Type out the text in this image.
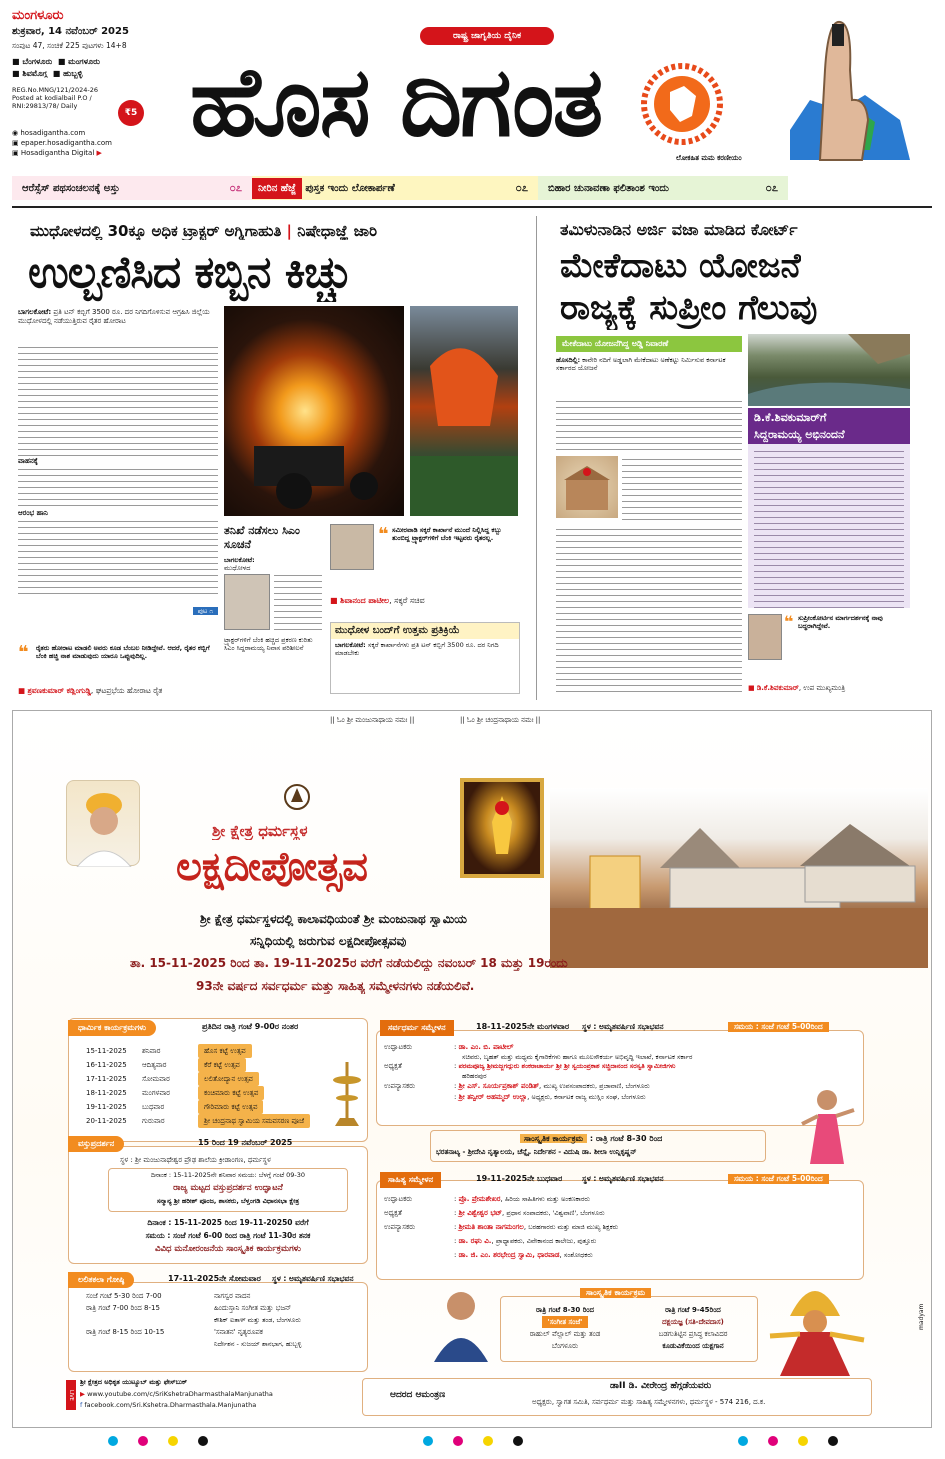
ಮಂಗಳೂರು
ಶುಕ್ರವಾರ, 14 ನವೆಂಬರ್ 2025
ಸಂಪುಟ 47, ಸಂಚಿಕೆ 225 ಪುಟಗಳು 14+8
■ ಬೆಂಗಳೂರು ■ ಮಂಗಳೂರು
■ ಶಿವಮೊಗ್ಗ ■ ಹುಬ್ಬಳ್ಳಿ
₹5
REG.No.MNG/121/2024-26 Posted at kodialbail P.O / RNI:29813/78/ Daily
◉ hosadigantha.com
▣ epaper.hosadigantha.com
▣ Hosadigantha Digital ▶
ರಾಷ್ಟ್ರ ಜಾಗೃತಿಯ ದೈನಿಕ
ಹೊಸ ದಿಗಂತ	ಲೋಕಹಿತ ಮಮ ಕರಣೀಯಂ
ಆರೆಸ್ಸೆಸ್ ಪಥಸಂಚಲನಕ್ಕೆ ಅಸ್ತು	೦೭	ನೀರಿನ ಹೆಜ್ಜೆ ಪುಸ್ತಕ ಇಂದು ಲೋಕಾರ್ಪಣೆ	೦೭ ಬಿಹಾರ ಚುನಾವಣಾ ಫಲಿತಾಂಶ ಇಂದು	೦೭
ಮುಧೋಳದಲ್ಲಿ 30ಕ್ಕೂ ಅಧಿಕ ಟ್ರ್ಯಾಕ್ಟರ್ ಅಗ್ನಿಗಾಹುತಿ | ನಿಷೇಧಾಜ್ಞೆ ಜಾರಿ
ಉಲ್ಬಣಿಸಿದ ಕಬ್ಬಿನ ಕಿಚ್ಚು
ಬಾಗಲಕೋಟೆ: ಪ್ರತಿ ಟನ್ ಕಬ್ಬಿಗೆ 3500 ರೂ. ದರ ನಿಗದಿಗೊಳಿಸುವ ಆಗ್ರಹಿಸಿ ಜಿಲ್ಲೆಯ ಮುಧೋಳದಲ್ಲಿ ನಡೆಯುತ್ತಿರುವ ರೈತರ ಹೋರಾಟ
ವಾಹನಕ್ಕೆ
ಆರಂಭ ಹಾನಿ
ಪುಟ ೧
ತನಿಖೆ ನಡೆಸಲು ಸಿಎಂ ಸೂಚನೆ
ಬಾಗಲಕೋಟೆ:
ಮುಧೋಳದ
ಟ್ರ್ಯಾಕ್ಟರ್‌ಗಳಿಗೆ ಬೆಂಕಿ ಹಚ್ಚಿದ ಪ್ರಕರಣ ಕುರಿತು ಸಿಎಂ ಸಿದ್ದರಾಮಯ್ಯ ನಿವಾಸ ಪರಿಶೀಲನೆ
❝ ಸಮೀರವಾಡಿ ಸಕ್ಕರೆ ಕಾರ್ಖಾನೆ ಮುಂದೆ ನಿಲ್ಲಿಸಿದ್ದ ಕಬ್ಬು ತುಂಬಿದ್ದ ಟ್ರ್ಯಾಕ್ಟರ್‌ಗಳಿಗೆ ಬೆಂಕಿ ಇಟ್ಟವರು ರೈತರಲ್ಲ.
■ ಶಿವಾನಂದ ಪಾಟೀಲ, ಸಕ್ಕರೆ ಸಚಿವ
ಮುಧೋಳ ಬಂದ್‌ಗೆ ಉತ್ತಮ ಪ್ರತಿಕ್ರಿಯೆ
ಬಾಗಲಕೋಟೆ: ಸಕ್ಕರೆ ಕಾರ್ಖಾನೆಗಳು ಪ್ರತಿ ಟನ್ ಕಬ್ಬಿಗೆ 3500 ರೂ. ದರ ನಿಗದಿ ಮಾಡಬೇಕು
❝ ರೈತರು ಹೋರಾಟ ಮಾಡಲಿ ಅವರು ಕೂಡ ಬೆಂಬಲ ನೀಡಿದ್ದೇವೆ. ಆದರೆ, ರೈತರ ಕಬ್ಬಿಗೆ ಬೆಂಕಿ ಹಚ್ಚಿ ನಾಶ ಮಾಡುವುದು ಯಾರೂ ಒಪ್ಪುವುದಿಲ್ಲ.
■ ಶ್ರವಣಕುಮಾರ್ ಕಡ್ಲಿಂಗುಡ್ಡಿ, ಘಟಪ್ರಭೆಯ ಹೋರಾಟ ರೈತ
ತಮಿಳುನಾಡಿನ ಅರ್ಜಿ ವಜಾ ಮಾಡಿದ ಕೋರ್ಟ್
ಮೇಕೆದಾಟು ಯೋಜನೆ
ರಾಜ್ಯಕ್ಕೆ ಸುಪ್ರೀಂ ಗೆಲುವು
ಮೇಕೆದಾಟು ಯೋಜನೆಗಿದ್ದ ಅಡ್ಡಿ ನಿವಾರಣೆ
ಹೊಸದಿಲ್ಲಿ: ಕಾವೇರಿ ನದಿಗೆ ಅಡ್ಡಲಾಗಿ ಮೇಕೆದಾಟು ಅಣೆಕಟ್ಟು ನಿರ್ಮಿಸುವ ಕರ್ನಾಟಕ ಸರ್ಕಾರದ ಯೋಜನೆ
ಡಿ.ಕೆ.ಶಿವಕುಮಾರ್‌ಗೆ
ಸಿದ್ದರಾಮಯ್ಯ ಅಭಿನಂದನೆ
❝ ಸುಪ್ರೀಂಕೋರ್ಟಿನ ಮಾರ್ಗದರ್ಶನಕ್ಕೆ ನಾವು ಬದ್ಧರಾಗಿದ್ದೇವೆ.
■ ಡಿ.ಕೆ.ಶಿವಕುಮಾರ್, ಉಪ ಮುಖ್ಯಮಂತ್ರಿ
|| ಓಂ ಶ್ರೀ ಮಂಜುನಾಥಾಯ ನಮಃ ||	|| ಓಂ ಶ್ರೀ ಚಂದ್ರನಾಥಾಯ ನಮಃ ||
ಶ್ರೀ ಕ್ಷೇತ್ರ ಧರ್ಮಸ್ಥಳ
ಲಕ್ಷದೀಪೋತ್ಸವ
ಶ್ರೀ ಕ್ಷೇತ್ರ ಧರ್ಮಸ್ಥಳದಲ್ಲಿ ಕಾಲಾವಧಿಯಂತೆ ಶ್ರೀ ಮಂಜುನಾಥ ಸ್ವಾಮಿಯ
ಸನ್ನಿಧಿಯಲ್ಲಿ ಜರುಗುವ ಲಕ್ಷದೀಪೋತ್ಸವವು
ತಾ. 15-11-2025 ರಿಂದ ತಾ. 19-11-2025ರ ವರೆಗೆ ನಡೆಯಲಿದ್ದು ನವಂಬರ್ 18 ಮತ್ತು 19ರಂದು
93ನೇ ವರ್ಷದ ಸರ್ವಧರ್ಮ ಮತ್ತು ಸಾಹಿತ್ಯ ಸಮ್ಮೇಳನಗಳು ನಡೆಯಲಿವೆ.
ಧಾರ್ಮಿಕ ಕಾರ್ಯಕ್ರಮಗಳು	ಪ್ರತಿದಿನ ರಾತ್ರಿ ಗಂಟೆ 9-00ರ ನಂತರ
15-11-2025 ಶನಿವಾರ	ಹೊಸ ಕಟ್ಟೆ ಉತ್ಸವ
16-11-2025 ಆದಿತ್ಯವಾರ	ಕೆರೆ ಕಟ್ಟೆ ಉತ್ಸವ
17-11-2025 ಸೋಮವಾರ	ಲಲಿತೋದ್ಯಾನ ಉತ್ಸವ
18-11-2025 ಮಂಗಳವಾರ	ಕಂಚಿಮಾರು ಕಟ್ಟೆ ಉತ್ಸವ
19-11-2025 ಬುಧವಾರ	ಗೌರಿಮಾರು ಕಟ್ಟೆ ಉತ್ಸವ
20-11-2025 ಗುರುವಾರ	ಶ್ರೀ ಚಂದ್ರನಾಥ ಸ್ವಾಮಿಯ ಸಮವಸರಣ ಪೂಜೆ
ವಸ್ತುಪ್ರದರ್ಶನ	15 ರಿಂದ 19 ನವೆಂಬರ್ 2025
ಸ್ಥಳ : ಶ್ರೀ ಮಂಜುನಾಥೇಶ್ವರ ಪ್ರೌಢ ಶಾಲೆಯ ಕ್ರೀಡಾಂಗಣ, ಧರ್ಮಸ್ಥಳ
ದಿನಾಂಕ : 15-11-2025ನೇ ಶನಿವಾರ ಸಮಯ: ಬೆಳಗ್ಗೆ ಗಂಟೆ 09-30
ರಾಜ್ಯ ಮಟ್ಟದ ವಸ್ತುಪ್ರದರ್ಶನ ಉದ್ಘಾಟನೆ
ಸನ್ಮಾನ್ಯ ಶ್ರೀ ಹರೀಶ್ ಪೂಂಜ, ಶಾಸಕರು, ಬೆಳ್ತಂಗಡಿ ವಿಧಾನಸಭಾ ಕ್ಷೇತ್ರ
ದಿನಾಂಕ : 15-11-2025 ರಿಂದ 19-11-20250 ವರೆಗೆ
ಸಮಯ : ಸಂಜೆ ಗಂಟೆ 6-00 ರಿಂದ ರಾತ್ರಿ ಗಂಟೆ 11-30ರ ತನಕ
ವಿವಿಧ ಮನೋರಂಜನೆಯ ಸಾಂಸ್ಕೃತಿಕ ಕಾರ್ಯಕ್ರಮಗಳು
ಲಲಿತಕಲಾ ಗೋಷ್ಠಿ	17-11-2025ನೇ ಸೋಮವಾರ ಸ್ಥಳ : ಅಮೃತವರ್ಷಿಣಿ ಸಭಾಭವನ
ಸಂಜೆ ಗಂಟೆ 5-30 ರಿಂದ 7-00	ನಾಗಸ್ವರ ವಾದನ
ರಾತ್ರಿ ಗಂಟೆ 7-00 ರಿಂದ 8-15	ಹಿಂದುಸ್ತಾನಿ ಸಂಗೀತ ಮತ್ತು ಭಜನ್
ಕೌಶಿಕ್ ಐತಾಳ್ ಮತ್ತು ತಂಡ, ಬೆಂಗಳೂರು
ರಾತ್ರಿ ಗಂಟೆ 8-15 ರಿಂದ 10-15	'ಸನಾತನ' ನೃತ್ಯರೂಪಕ
ನಿರ್ದೇಶನ - ಸುಜಯ್ ಶಾನಭಾಗ, ಹುಬ್ಬಳ್ಳಿ
ಸರ್ವಧರ್ಮ ಸಮ್ಮೇಳನ	18-11-2025ನೇ ಮಂಗಳವಾರ ಸ್ಥಳ : ಅಮೃತವರ್ಷಿಣಿ ಸಭಾಭವನ	ಸಮಯ : ಸಂಜೆ ಗಂಟೆ 5-00ರಿಂದ
ಉದ್ಘಾಟಕರು	: ಡಾ. ಎಂ. ಬಿ. ಪಾಟೀಲ್
ಸಚಿವರು, ಬೃಹತ್ ಮತ್ತು ಮಧ್ಯಮ ಕೈಗಾರಿಕೆಗಳು ಹಾಗೂ ಮೂಲಸೌಕರ್ಯ ಅಭಿವೃದ್ಧಿ ಇಲಾಖೆ, ಕರ್ನಾಟಕ ಸರ್ಕಾರ
ಅಧ್ಯಕ್ಷತೆ	: ಪರಮಪೂಜ್ಯ ಶ್ರೀಮಜ್ಜಗದ್ಗುರು ಶಂಕರಾಚಾರ್ಯ ಶ್ರೀ ಶ್ರೀ ಸ್ವಯಂಪ್ರಕಾಶ ಸಚ್ಚಿದಾನಂದ ಸರಸ್ವತಿ ಸ್ವಾಮೀಜಿಗಳು
ಹರಿಹರಪುರ
ಉಪನ್ಯಾಸಕರು	: ಶ್ರೀ ಎಸ್. ಸೂರ್ಯಪ್ರಕಾಶ್ ಪಂಡಿತ್, ಮುಖ್ಯ ಉಪಸಂಪಾದಕರು, ಪ್ರಜಾವಾಣಿ, ಬೆಂಗಳೂರು
: ಶ್ರೀ ತನ್ವೀರ್ ಅಹಮ್ಮದ್ ಉಲ್ಲಾ, ಅಧ್ಯಕ್ಷರು, ಕರ್ನಾಟಕ ರಾಜ್ಯ ಮುಸ್ಲಿಂ ಸಂಘ, ಬೆಂಗಳೂರು
ಸಾಂಸ್ಕೃತಿಕ ಕಾರ್ಯಕ್ರಮ : ರಾತ್ರಿ ಗಂಟೆ 8-30 ರಿಂದ
ಭರತನಾಟ್ಯ - ಶ್ರೀದೇವಿ ನೃತ್ಯಾಲಯ, ಚೆನ್ನೈ. ನಿರ್ದೇಶನ - ವಿದುಷಿ ಡಾ. ಶೀಲಾ ಉನ್ನಿಕೃಷ್ಣನ್
ಸಾಹಿತ್ಯ ಸಮ್ಮೇಳನ	19-11-2025ನೇ ಬುಧವಾರ	ಸ್ಥಳ : ಅಮೃತವರ್ಷಿಣಿ ಸಭಾಭವನ	ಸಮಯ : ಸಂಜೆ ಗಂಟೆ 5-00ರಿಂದ
ಉದ್ಘಾಟಕರು	: ಪ್ರೊ. ಪ್ರೇಮಶೇಖರ, ಹಿರಿಯ ಸಾಹಿತಿಗಳು ಮತ್ತು ಅಂಕಣಕಾರರು
ಅಧ್ಯಕ್ಷತೆ	: ಶ್ರೀ ವಿಶ್ವೇಶ್ವರ ಭಟ್, ಪ್ರಧಾನ ಸಂಪಾದಕರು, 'ವಿಶ್ವವಾಣಿ', ಬೆಂಗಳೂರು
ಉಪನ್ಯಾಸಕರು	: ಶ್ರೀಮತಿ ಶಾಂತಾ ನಾಗಮಂಗಲ, ಬರಹಗಾರರು ಮತ್ತು ಮಾಜಿ ಮುಖ್ಯ ಶಿಕ್ಷಕರು
: ಡಾ. ರಘು ವಿ., ಪ್ರಾಧ್ಯಾಪಕರು, ವಿವೇಕಾನಂದ ಕಾಲೇಜು, ಪುತ್ತೂರು
: ಡಾ. ಜಿ. ಎಂ. ಶರಭೇಂದ್ರ ಸ್ವಾಮಿ, ಧಾರವಾಡ, ಸಂಶೋಧಕರು
ಸಾಂಸ್ಕೃತಿಕ ಕಾರ್ಯಕ್ರಮ
ರಾತ್ರಿ ಗಂಟೆ 8-30 ರಿಂದ
'ಸಂಗೀತ ಸಂಜೆ'
ರಾಹುಲ್ ವೆಲ್ಲಾಲ್ ಮತ್ತು ತಂಡ
ಬೆಂಗಳೂರು
ರಾತ್ರಿ ಗಂಟೆ 9-45ರಿಂದ
ದಕ್ಷಯಜ್ಞ (ಸತಿ-ದೇವದಾಸ)
ಬಡಗುತಿಟ್ಟಿನ ಪ್ರಸಿದ್ಧ ಕಲಾವಿದರ
ಕೂಡುವಿಕೆಯಿಂದ ಯಕ್ಷಗಾನ
madyam
ಶ್ರೀ ಕ್ಷೇತ್ರದ ಅಧಿಕೃತ ಯುಟ್ಯೂಬ್ ಮತ್ತು ಫೇಸ್‌ಬುಕ್
▶ www.youtube.com/c/SriKshetraDharmasthalaManjunatha
f facebook.com/Sri.Kshetra.Dharmasthala.Manjunatha
LIVE	ಆದರದ ಆಮಂತ್ರಣ
ಡಾII ಡಿ. ವೀರೇಂದ್ರ ಹೆಗ್ಗಡೆಯವರು
ಅಧ್ಯಕ್ಷರು, ಸ್ವಾಗತ ಸಮಿತಿ, ಸರ್ವಧರ್ಮ ಮತ್ತು ಸಾಹಿತ್ಯ ಸಮ್ಮೇಳನಗಳು, ಧರ್ಮಸ್ಥಳ - 574 216, ದ.ಕ.
